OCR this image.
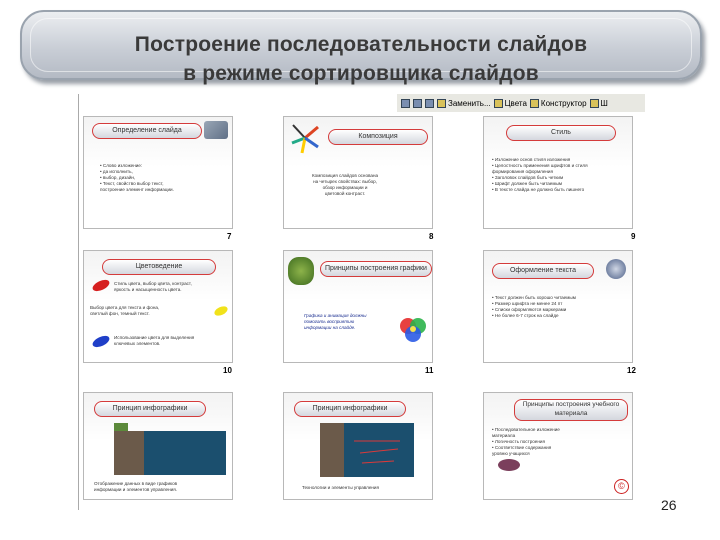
Построение последовательности слайдов
в режиме сортировщика слайдов
Заменить... Цвета Конструктор Ш
Определение слайда
• Слово изложение:
• да исполнить,
• выбор, дизайн,
• Текст, свойство выбор текст,
построение элемент информации.
7
Композиция
Композиция слайдов основана
на четырех свойствах: выбор,
обзор информации и
цветовой контраст.
8
Стиль
• Изложение основ стиля изложения
• Целостность применения шрифтов и стиля
формирования оформления
• Заголовок слайдов быть четким
• Шрифт должен быть читаемым
• В тексте слайда не должно быть лишнего
9
Цветоведение
Стиль цвета, выбор цвета, контраст,
яркость и насыщенность цвета.
Выбор цвета для текста и фона,
светлый фон, темный текст.
Использование цвета для выделения
ключевых элементов.
10
Принципы построения графики
Графика и анимация должны
помогать восприятию
информации на слайде.
11
Оформление текста
• Текст должен быть хорошо читаемым
• Размер шрифта не менее 24 пт
• Списки оформляются маркерами
• Не более 6-7 строк на слайде
12
Принцип инфографики
Отображение данных в виде графиков
информации и элементов управления.
Принцип инфографики
Технологии и элементы управления
Принципы построения учебного материала
• Последовательное изложение
материала
• Логичность построения
• Соответствие содержания
уровню учащихся
©
26
